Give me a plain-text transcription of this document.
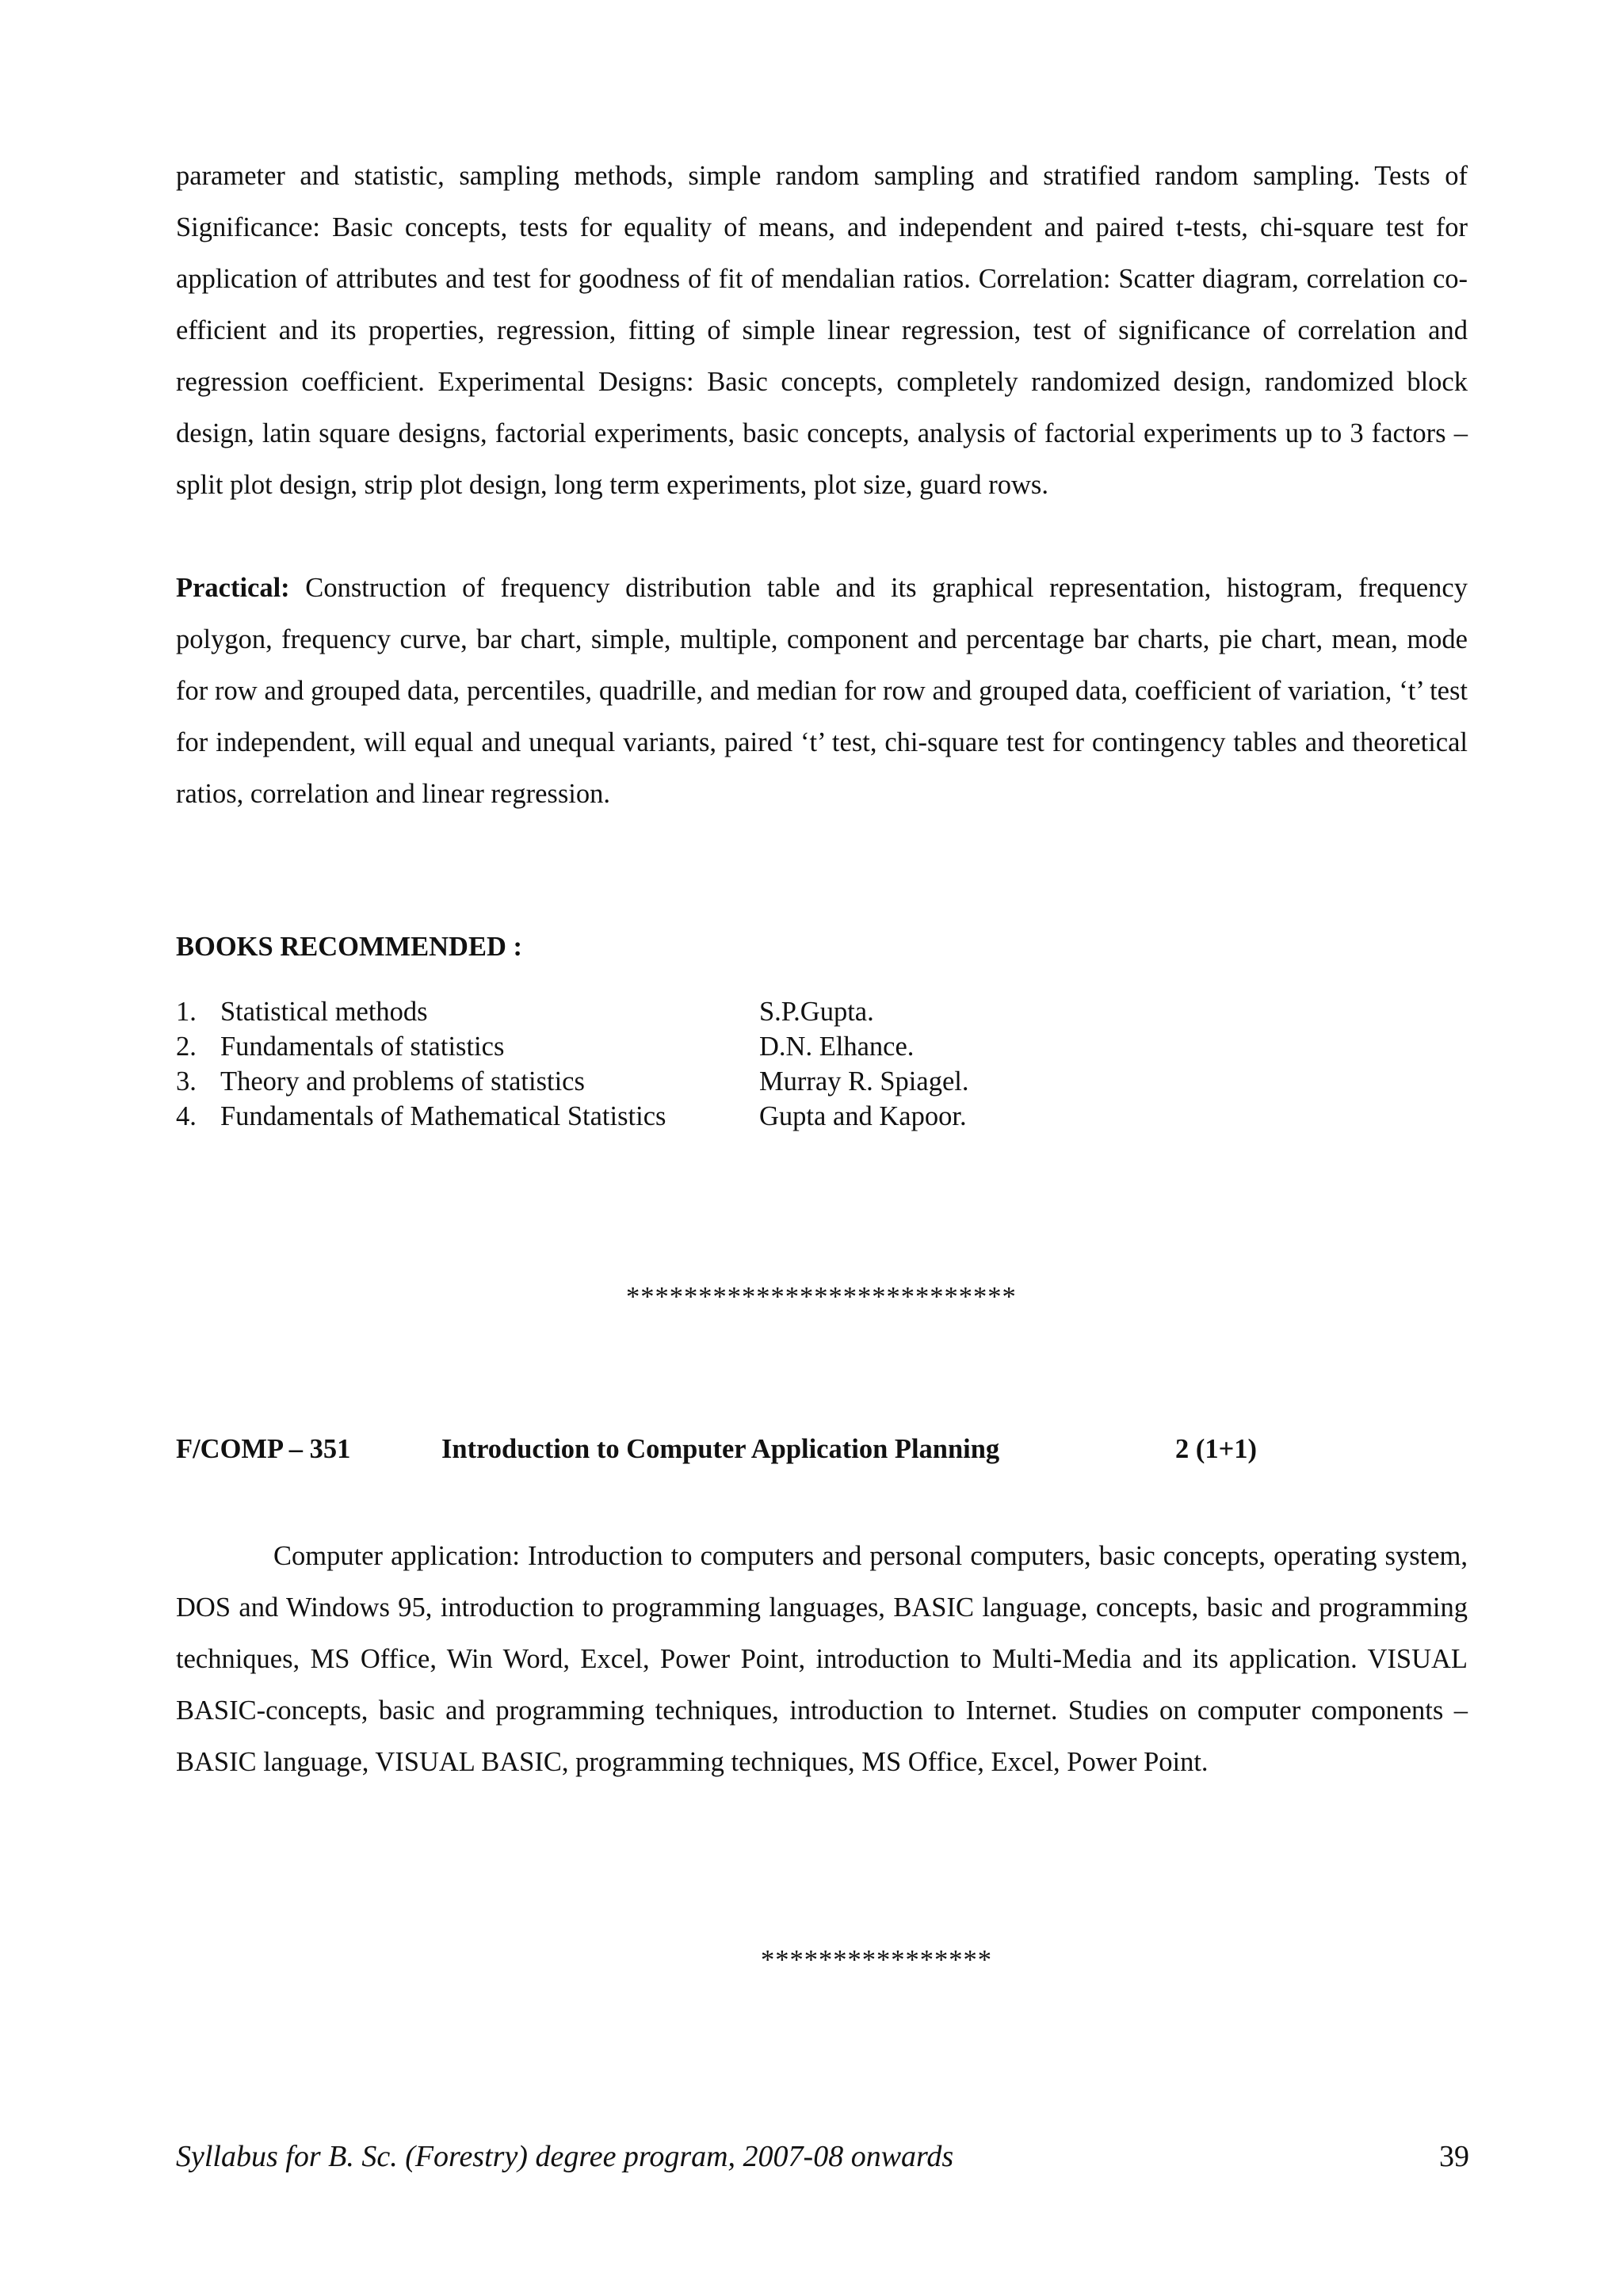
parameter and statistic, sampling methods, simple random sampling and stratified random sampling. Tests of Significance: Basic concepts, tests for equality of means, and independent and paired t-tests, chi-square test for application of attributes and test for goodness of fit of mendalian ratios. Correlation: Scatter diagram, correlation co-efficient and its properties, regression, fitting of simple linear regression, test of significance of correlation and regression coefficient. Experimental Designs: Basic concepts, completely randomized design, randomized block design, latin square designs, factorial experiments, basic concepts, analysis of factorial experiments up to 3 factors – split plot design, strip plot design, long term experiments, plot size, guard rows.

Practical: Construction of frequency distribution table and its graphical representation, histogram, frequency polygon, frequency curve, bar chart, simple, multiple, component and percentage bar charts, pie chart, mean, mode for row and grouped data, percentiles, quadrille, and median for row and grouped data, coefficient of variation, ‘t’ test for independent, will equal and unequal variants, paired ‘t’ test, chi-square test for contingency tables and theoretical ratios, correlation and linear regression.

BOOKS RECOMMENDED :

1. Statistical methods	S.P.Gupta.
2. Fundamentals of statistics	D.N. Elhance.
3. Theory and problems of statistics	Murray R. Spiagel.
4. Fundamentals of Mathematical Statistics	Gupta and Kapoor.
***************************
F/COMP – 351	Introduction to Computer Application Planning	2 (1+1)

Computer application: Introduction to computers and personal computers, basic concepts, operating system, DOS and Windows 95, introduction to programming languages, BASIC language, concepts, basic and programming techniques, MS Office, Win Word, Excel, Power Point, introduction to Multi-Media and its application. VISUAL BASIC-concepts, basic and programming techniques, introduction to Internet. Studies on computer components – BASIC language, VISUAL BASIC, programming techniques, MS Office, Excel, Power Point.

****************
Syllabus for B. Sc. (Forestry) degree program, 2007-08 onwards	39
